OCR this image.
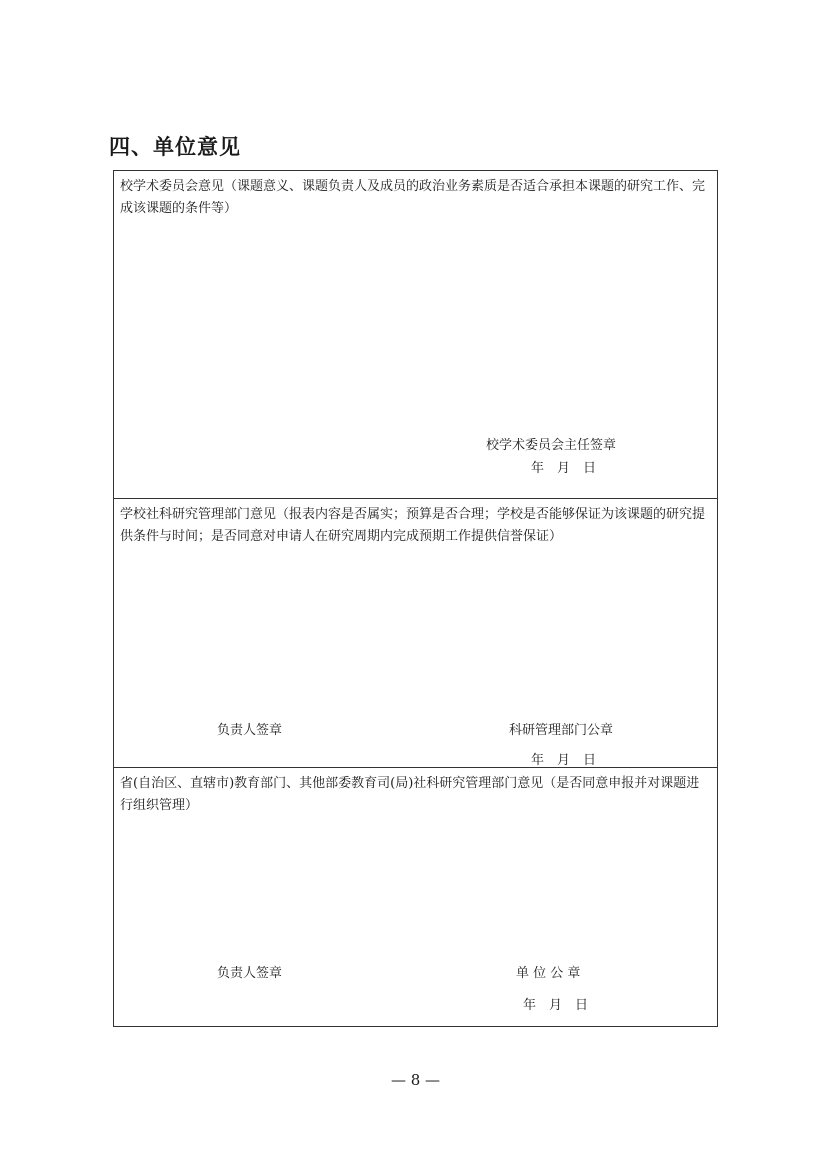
四、单位意见

校学术委员会意见（课题意义、课题负责人及成员的政治业务素质是否适合承担本课题的研究工作、完成该课题的条件等）

校学术委员会主任签章
年　月　日

学校社科研究管理部门意见（报表内容是否属实；预算是否合理；学校是否能够保证为该课题的研究提供条件与时间；是否同意对申请人在研究周期内完成预期工作提供信誉保证）

负责人签章	科研管理部门公章
年　月　日

省(自治区、直辖市)教育部门、其他部委教育司(局)社科研究管理部门意见（是否同意申报并对课题进行组织管理）

负责人签章	单 位 公 章
年　月　日
— 8 —
